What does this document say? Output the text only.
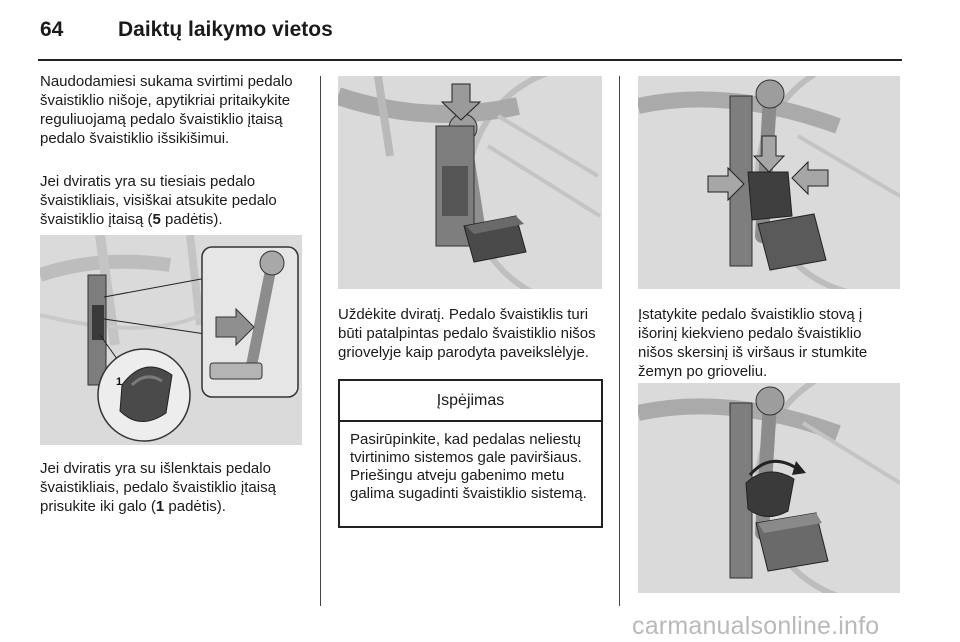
64	Daiktų laikymo vietos

Naudodamiesi sukama svirtimi pedalo švaistiklio nišoje, apytikriai pritaikykite reguliuojamą pedalo švaistiklio įtaisą pedalo švaistiklio išsikišimui.

Jei dviratis yra su tiesiais pedalo švaistikliais, visiškai atsukite pedalo švaistiklio įtaisą (5 padėtis).

1

Jei dviratis yra su išlenktais pedalo švaistikliais, pedalo švaistiklio įtaisą prisukite iki galo (1 padėtis).

Uždėkite dviratį. Pedalo švaistiklis turi būti patalpintas pedalo švaistiklio nišos griovelyje kaip parodyta paveikslėlyje.

Įspėjimas

Pasirūpinkite, kad pedalas neliestų tvirtinimo sistemos gale paviršiaus. Priešingu atveju gabenimo metu galima sugadinti švaistiklio sistemą.

Įstatykite pedalo švaistiklio stovą į išorinį kiekvieno pedalo švaistiklio nišos skersinį iš viršaus ir stumkite žemyn po grioveliu.

carmanualsonline.info
